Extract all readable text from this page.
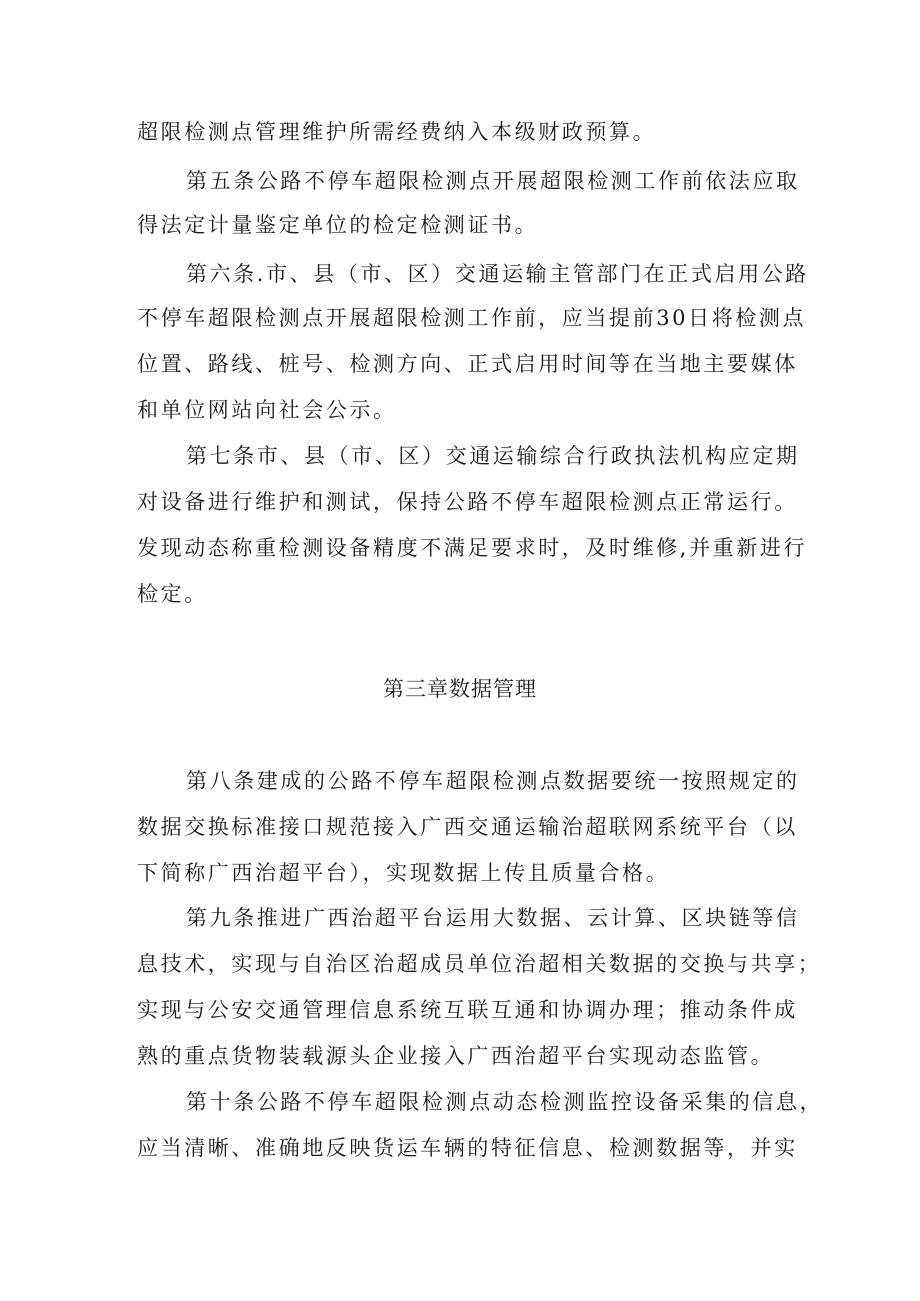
超限检测点管理维护所需经费纳入本级财政预算。
第五条公路不停车超限检测点开展超限检测工作前依法应取
得法定计量鉴定单位的检定检测证书。
第六条.市、县（市、区）交通运输主管部门在正式启用公路
不停车超限检测点开展超限检测工作前，应当提前30日将检测点
位置、路线、桩号、检测方向、正式启用时间等在当地主要媒体
和单位网站向社会公示。
第七条市、县（市、区）交通运输综合行政执法机构应定期
对设备进行维护和测试，保持公路不停车超限检测点正常运行。
发现动态称重检测设备精度不满足要求时，及时维修,并重新进行
检定。
第三章数据管理
第八条建成的公路不停车超限检测点数据要统一按照规定的
数据交换标准接口规范接入广西交通运输治超联网系统平台（以
下简称广西治超平台），实现数据上传且质量合格。
第九条推进广西治超平台运用大数据、云计算、区块链等信
息技术，实现与自治区治超成员单位治超相关数据的交换与共享；
实现与公安交通管理信息系统互联互通和协调办理；推动条件成
熟的重点货物装载源头企业接入广西治超平台实现动态监管。
第十条公路不停车超限检测点动态检测监控设备采集的信息，
应当清晰、准确地反映货运车辆的特征信息、检测数据等，并实
